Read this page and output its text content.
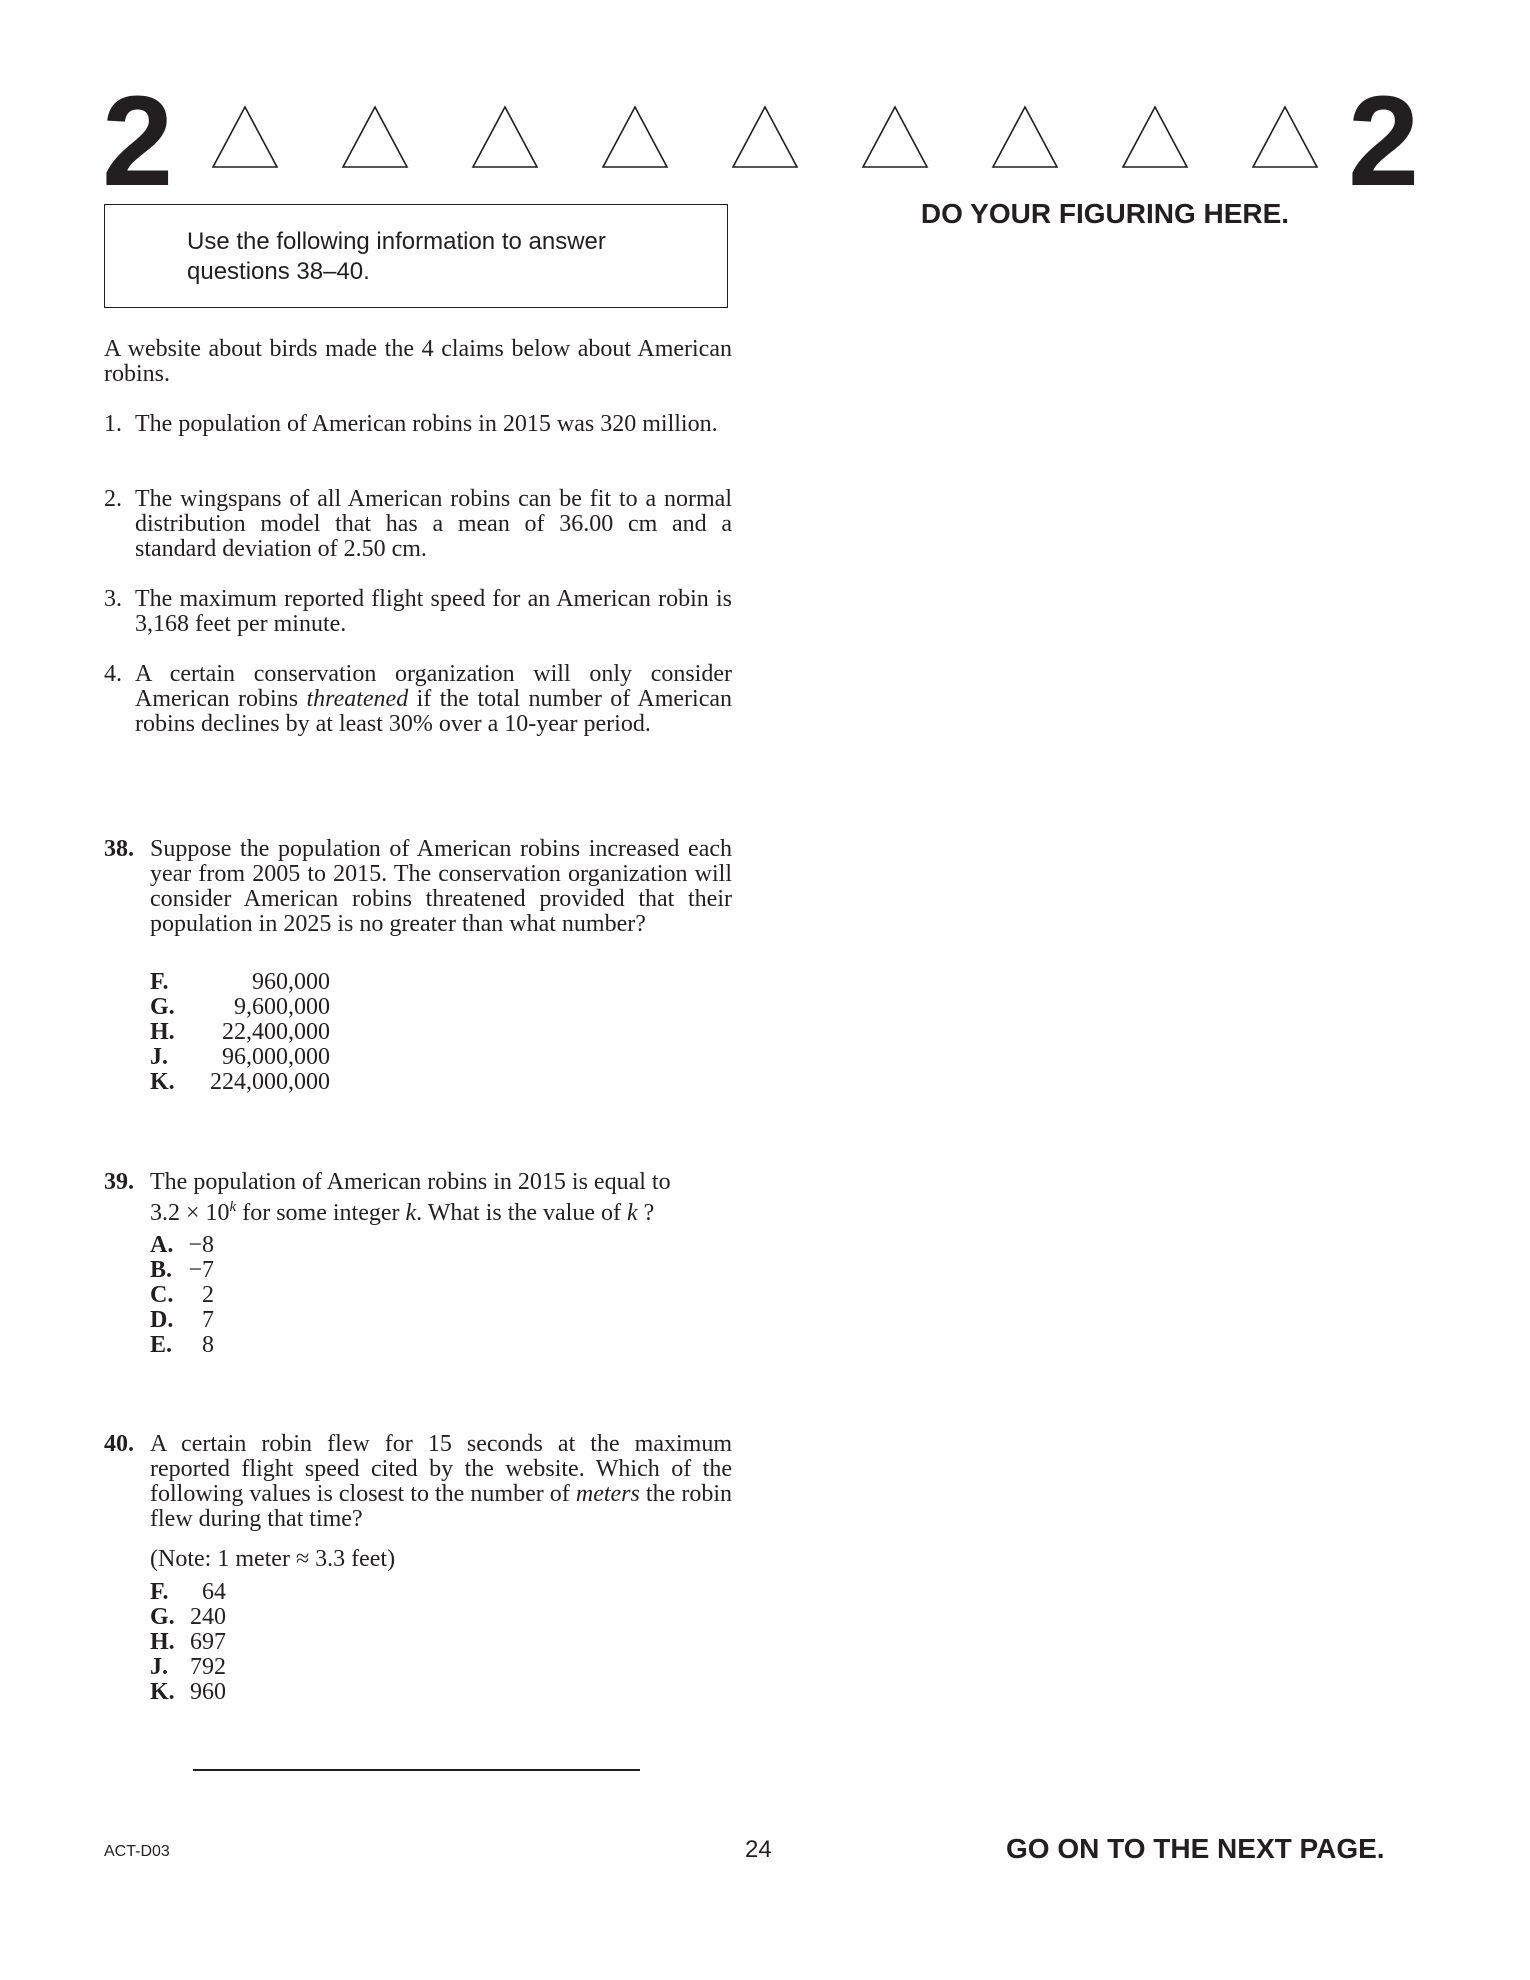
2	2
DO YOUR FIGURING HERE.
Use the following information to answer
questions 38–40.
A website about birds made the 4 claims below about American robins.
1. The population of American robins in 2015 was 320 million.
2. The wingspans of all American robins can be fit to a normal distribution model that has a mean of 36.00 cm and a standard deviation of 2.50 cm.
3. The maximum reported flight speed for an American robin is 3,168 feet per minute.
4. A certain conservation organization will only consider American robins threatened if the total number of American robins declines by at least 30% over a 10-year period.
38. Suppose the population of American robins increased each year from 2005 to 2015. The conservation organization will consider American robins threatened provided that their population in 2025 is no greater than what number?
F.	960,000
G.	9,600,000
H.	22,400,000
J.	96,000,000
K.	224,000,000
39. The population of American robins in 2015 is equal to
$3.2 \times 10^k$ for some integer k. What is the value of k ?
A. −8
B. −7
C.	2
D.	7
E.	8
40. A certain robin flew for 15 seconds at the maximum reported flight speed cited by the website. Which of the following values is closest to the number of meters the robin flew during that time?
(Note: 1 meter ≈ 3.3 feet)
F.	64
G. 240
H. 697
J. 792
K. 960
ACT-D03	24	GO ON TO THE NEXT PAGE.
